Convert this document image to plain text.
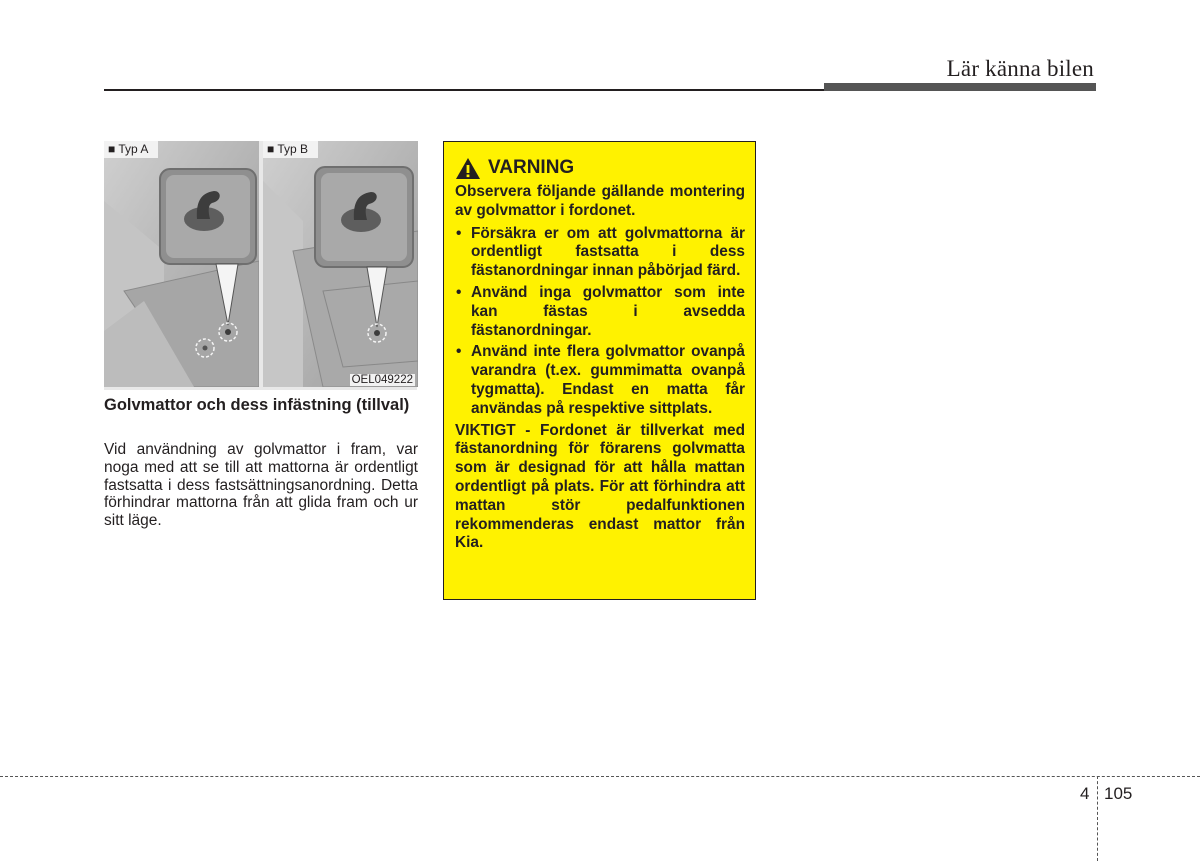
Lär känna bilen
■ Typ A	■ Typ B
OEL049222
Golvmattor och dess infästning (tillval)
Vid användning av golvmattor i fram, var noga med att se till att mattorna är ordentligt fastsatta i dess fastsättningsanordning. Detta förhindrar mattorna från att glida fram och ur sitt läge.
VARNING
Observera följande gällande montering av golvmattor i fordonet.
• Försäkra er om att golvmattorna är ordentligt fastsatta i dess fästanordningar innan påbörjad färd.
• Använd inga golvmattor som inte kan fästas i avsedda fästanordningar.
• Använd inte flera golvmattor ovanpå varandra (t.ex. gummimatta ovanpå tygmatta). Endast en matta får användas på respektive sittplats.
VIKTIGT - Fordonet är tillverkat med fästanordning för förarens golvmatta som är designad för att hålla mattan ordentligt på plats. För att förhindra att mattan stör pedalfunktionen rekommenderas endast mattor från Kia.
4 105
